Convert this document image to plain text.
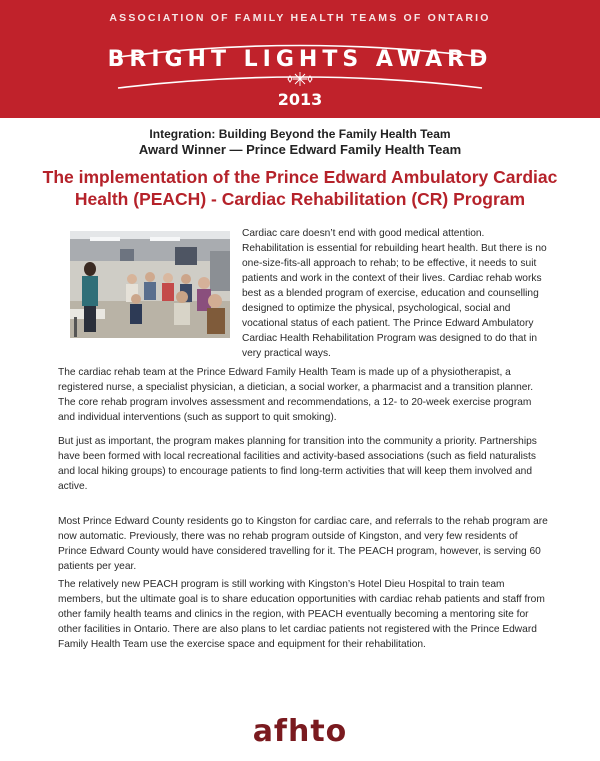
ASSOCIATION OF FAMILY HEALTH TEAMS OF ONTARIO
BRIGHT LIGHTS AWARD
2013
Integration: Building Beyond the Family Health Team
Award Winner — Prince Edward Family Health Team
The implementation of the Prince Edward Ambulatory Cardiac Health (PEACH) - Cardiac Rehabilitation (CR) Program
Cardiac care doesn’t end with good medical attention. Rehabilitation is essential for rebuilding heart health. But there is no one-size-fits-all approach to rehab; to be effective, it needs to suit patients and work in the context of their lives. Cardiac rehab works best as a blended program of exercise, education and counselling designed to optimize the physical, psychological, social and vocational status of each patient. The Prince Edward Ambulatory Cardiac Health Rehabilitation Program was designed to do that in very practical ways.
The cardiac rehab team at the Prince Edward Family Health Team is made up of a physiotherapist, a registered nurse, a specialist physician, a dietician, a social worker, a pharmacist and a transition planner. The core rehab program involves assessment and recommendations, a 12- to 20-week exercise program and individual interventions (such as support to quit smoking).
But just as important, the program makes planning for transition into the community a priority. Partnerships have been formed with local recreational facilities and activity-based associations (such as field naturalists and local hiking groups) to encourage patients to find long-term activities that will keep them involved and active.
Most Prince Edward County residents go to Kingston for cardiac care, and referrals to the rehab program are now automatic. Previously, there was no rehab program outside of Kingston, and very few residents of Prince Edward County would have considered travelling for it. The PEACH program, however, is serving 60 patients per year.
The relatively new PEACH program is still working with Kingston’s Hotel Dieu Hospital to train team members, but the ultimate goal is to share education opportunities with cardiac rehab patients and staff from other family health teams and clinics in the region, with PEACH eventually becoming a mentoring site for other facilities in Ontario. There are also plans to let cardiac patients not registered with the Prince Edward Family Health Team use the exercise space and equipment for their rehabilitation.
afhto
